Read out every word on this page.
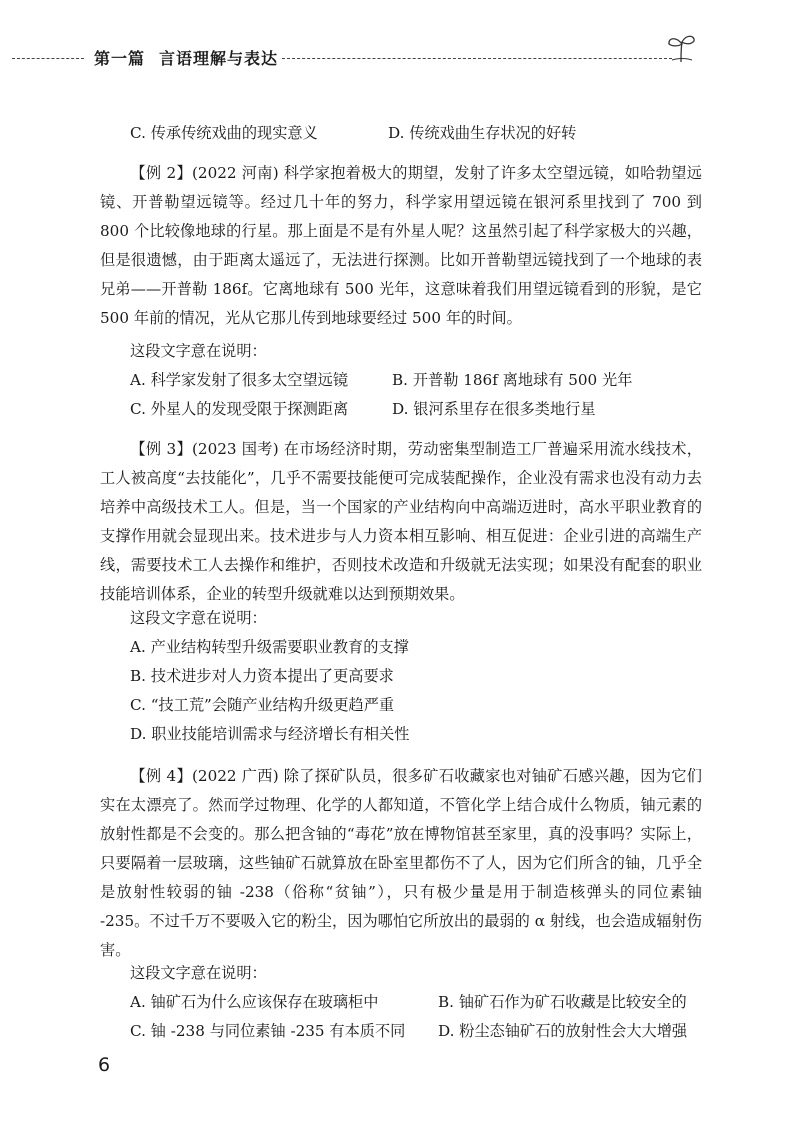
第一篇 言语理解与表达
C. 传承传统戏曲的现实意义	D. 传统戏曲生存状况的好转

【例 2】(2022 河南) 科学家抱着极大的期望，发射了许多太空望远镜，如哈勃望远镜、开普勒望远镜等。经过几十年的努力，科学家用望远镜在银河系里找到了 700 到 800 个比较像地球的行星。那上面是不是有外星人呢？这虽然引起了科学家极大的兴趣，但是很遗憾，由于距离太遥远了，无法进行探测。比如开普勒望远镜找到了一个地球的表兄弟——开普勒 186f。它离地球有 500 光年，这意味着我们用望远镜看到的形貌，是它 500 年前的情况，光从它那儿传到地球要经过 500 年的时间。

这段文字意在说明：
A. 科学家发射了很多太空望远镜	B. 开普勒 186f 离地球有 500 光年
C. 外星人的发现受限于探测距离	D. 银河系里存在很多类地行星

【例 3】(2023 国考) 在市场经济时期，劳动密集型制造工厂普遍采用流水线技术，工人被高度“去技能化”，几乎不需要技能便可完成装配操作，企业没有需求也没有动力去培养中高级技术工人。但是，当一个国家的产业结构向中高端迈进时，高水平职业教育的支撑作用就会显现出来。技术进步与人力资本相互影响、相互促进：企业引进的高端生产线，需要技术工人去操作和维护，否则技术改造和升级就无法实现；如果没有配套的职业技能培训体系，企业的转型升级就难以达到预期效果。

这段文字意在说明：
A. 产业结构转型升级需要职业教育的支撑
B. 技术进步对人力资本提出了更高要求
C. “技工荒”会随产业结构升级更趋严重
D. 职业技能培训需求与经济增长有相关性

【例 4】(2022 广西) 除了探矿队员，很多矿石收藏家也对铀矿石感兴趣，因为它们实在太漂亮了。然而学过物理、化学的人都知道，不管化学上结合成什么物质，铀元素的放射性都是不会变的。那么把含铀的“毒花”放在博物馆甚至家里，真的没事吗？实际上，只要隔着一层玻璃，这些铀矿石就算放在卧室里都伤不了人，因为它们所含的铀，几乎全是放射性较弱的铀 -238（俗称“贫铀”），只有极少量是用于制造核弹头的同位素铀 -235。不过千万不要吸入它的粉尘，因为哪怕它所放出的最弱的 α 射线，也会造成辐射伤害。

这段文字意在说明：
A. 铀矿石为什么应该保存在玻璃柜中	B. 铀矿石作为矿石收藏是比较安全的
C. 铀 -238 与同位素铀 -235 有本质不同 D. 粉尘态铀矿石的放射性会大大增强
6
